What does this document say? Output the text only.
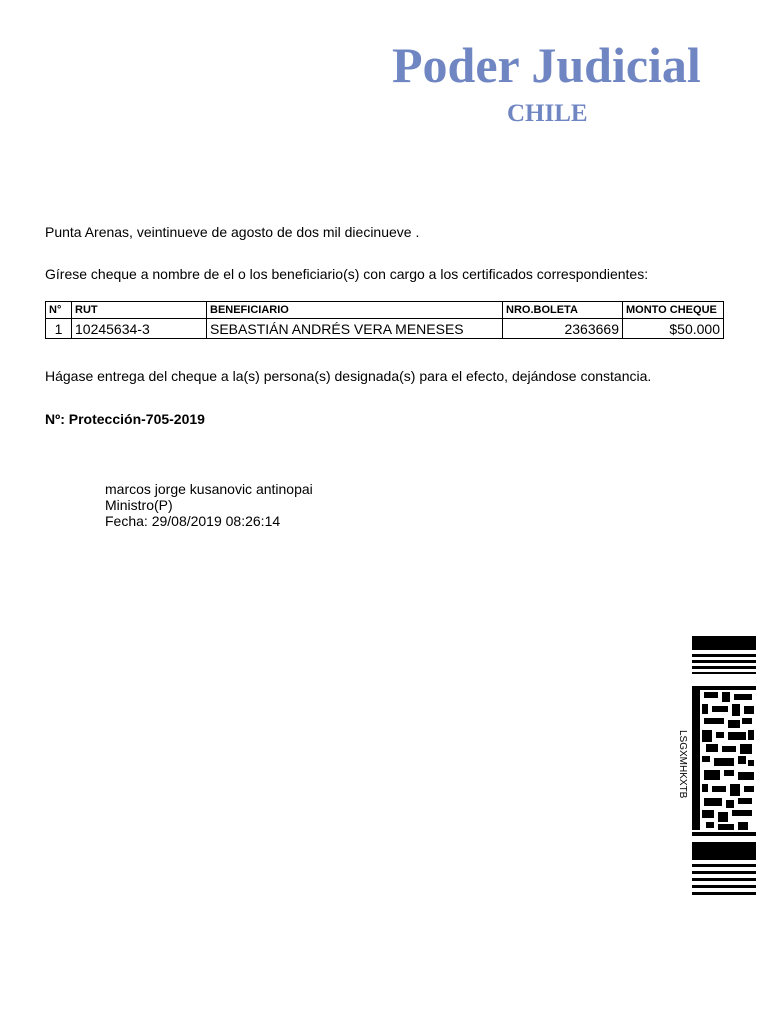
Poder Judicial
CHILE
Punta Arenas, veintinueve de agosto de dos mil diecinueve .
Gírese cheque a nombre de el o los beneficiario(s) con cargo a los certificados correspondientes:
N°	RUT	BENEFICIARIO	NRO.BOLETA	MONTO CHEQUE
1	10245634-3	SEBASTIÁN ANDRÉS VERA MENESES	2363669	$50.000
Hágase entrega del cheque a la(s) persona(s) designada(s) para el efecto, dejándose constancia.
Nº: Protección-705-2019
marcos jorge kusanovic antinopai
Ministro(P)
Fecha: 29/08/2019 08:26:14
LSGXMHKXTB
